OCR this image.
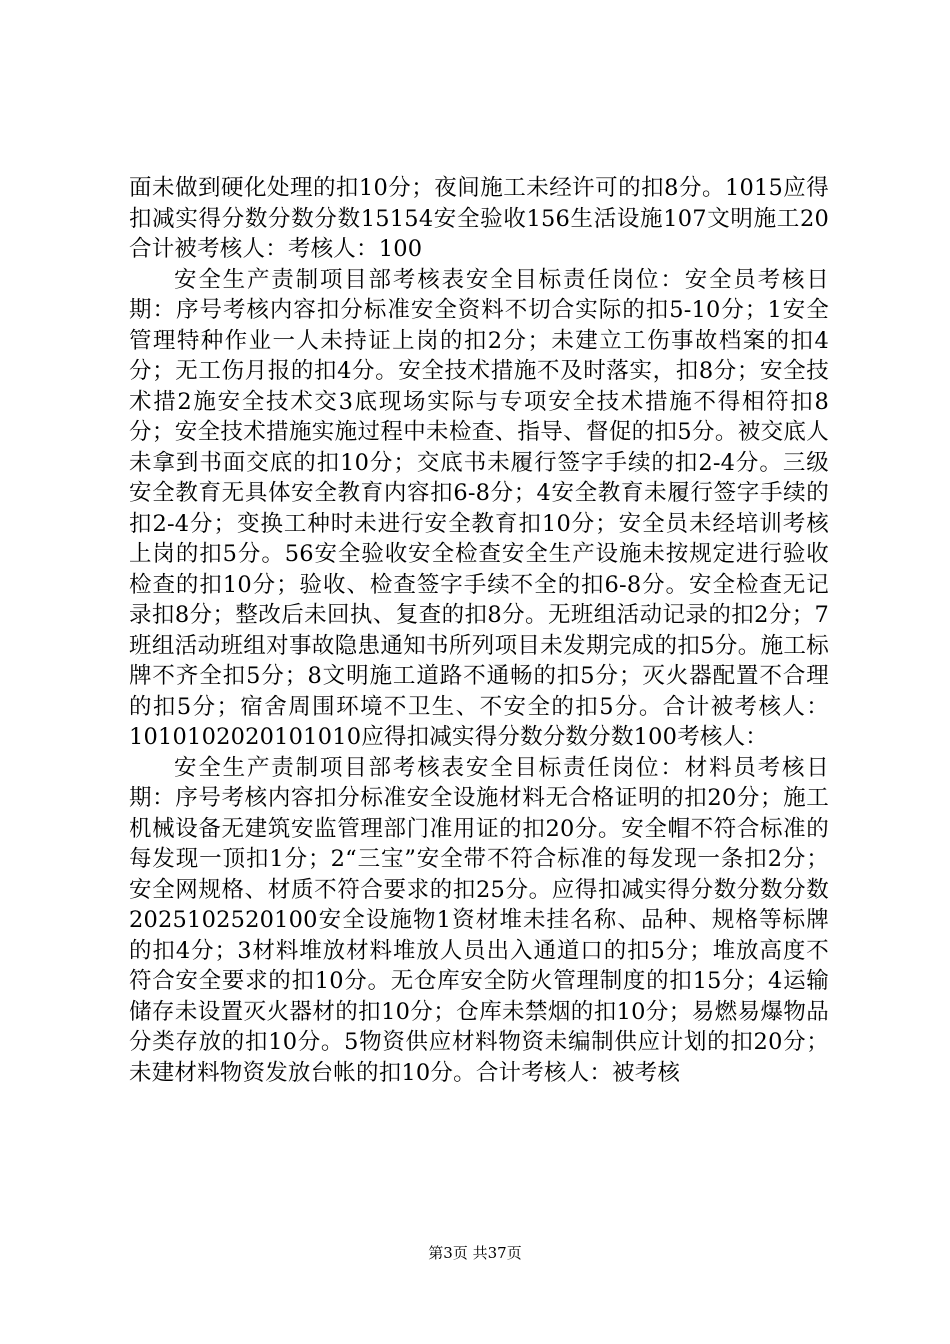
面未做到硬化处理的扣10分；夜间施工未经许可的扣8分。1015应得扣减实得分数分数分数15154安全验收156生活设施107文明施工20合计被考核人：考核人：100

安全生产责制项目部考核表安全目标责任岗位：安全员考核日期：序号考核内容扣分标准安全资料不切合实际的扣5-10分；1安全管理特种作业一人未持证上岗的扣2分；未建立工伤事故档案的扣4分；无工伤月报的扣4分。安全技术措施不及时落实，扣8分；安全技术措2施安全技术交3底现场实际与专项安全技术措施不得相符扣8分；安全技术措施实施过程中未检查、指导、督促的扣5分。被交底人未拿到书面交底的扣10分；交底书未履行签字手续的扣2-4分。三级安全教育无具体安全教育内容扣6-8分；4安全教育未履行签字手续的扣2-4分；变换工种时未进行安全教育扣10分；安全员未经培训考核上岗的扣5分。56安全验收安全检查安全生产设施未按规定进行验收检查的扣10分；验收、检查签字手续不全的扣6-8分。安全检查无记录扣8分；整改后未回执、复查的扣8分。无班组活动记录的扣2分；7班组活动班组对事故隐患通知书所列项目未发期完成的扣5分。施工标牌不齐全扣5分；8文明施工道路不通畅的扣5分；灭火器配置不合理的扣5分；宿舍周围环境不卫生、不安全的扣5分。合计被考核人：101010202010101​0应得扣减实得分数分数分数100考核人：

安全生产责制项目部考核表安全目标责任岗位：材料员考核日期：序号考核内容扣分标准安全设施材料无合格证明的扣20分；施工机械设备无建筑安监管理部门准用证的扣20分。安全帽不符合标准的每发现一顶扣1分；2“三宝”安全带不符合标准的每发现一条扣2分；安全网规格、材质不符合要求的扣25分。应得扣减实得分数分数分数2025102520100安全设施物1资材堆未挂名称、品种、规格等标牌的扣4分；3材料堆放材料堆放人员出入通道口的扣5分；堆放高度不符合安全要求的扣10分。无仓库安全防火管理制度的扣15分；4运输储存未设置灭火器材的扣10分；仓库未禁烟的扣10分；易燃易爆物品分类存放的扣10分。5物资供应材料物资未编制供应计划的扣20分；未建材料物资发放台帐的扣10分。合计考核人：被考核

第3页 共37页
